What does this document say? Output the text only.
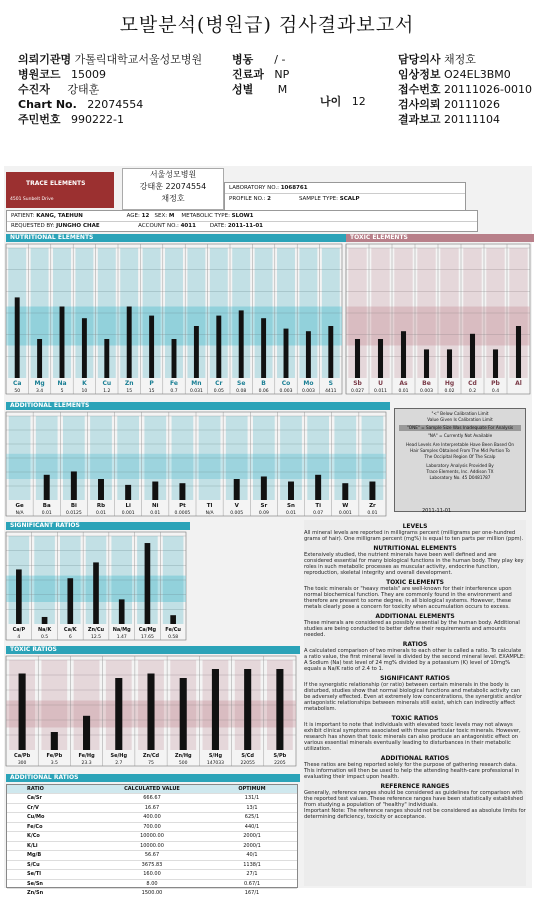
모발분석(병원급) 검사결과보고서
의뢰기관명 가톨릭대학교서울성모병원
병원코드 15009
수진자 강태훈
Chart No. 22074554
주민번호 990222-1
병동 / -
진료과 NP
성별 M
나이 12
담당의사 채정호
임상정보 O24EL3BM0
접수번호 20111026-0010
검사의뢰 20111026
결과보고 20111104
TRACE ELEMENTS
4501 Sunbelt Drive
서울성모병원
강태훈 22074554
채정호
LABORATORY NO.: 1068761
PROFILE NO.: 2	SAMPLE TYPE: SCALP
PATIENT: KANG, TAEHUN	AGE: 12 SEX: M METABOLIC TYPE: SLOW1
REQUESTED BY: JUNGHO CHAE	ACCOUNT NO.: 4011	DATE: 2011-11-01
NUTRITIONAL ELEMENTS	TOXIC ELEMENTS
ADDITIONAL ELEMENTS
SIGNIFICANT RATIOS
TOXIC RATIOS
ADDITIONAL RATIOS
Ca
50
Mg
3.4
Na
5
K
10
Cu
1.2
Zn
15
P
15
Fe
0.7
Mn
0.031
Cr
0.05
Se
0.08
B
0.06
Co
0.003
Mo
0.003
S
4411
Sb
0.027
U
0.011
As
0.01
Be
0.003
Hg
0.02
Cd
0.2
Pb
0.4
Al
Ge
N/A
Ba
0.01
Bi
0.0125
Rb
0.01
Li
0.001
Ni
0.01
Pt
0.0005
Tl
N/A
V
0.005
Sr
0.09
Sn
0.01
Ti
0.07
W
0.001
Zr
0.01
Ca/P
4
Na/K
0.5
Ca/K
6
Zn/Cu
12.5
Na/Mg
1.47
Ca/Mg
17.65
Fe/Cu
0.58
Ca/Pb
300
Fe/Pb
3.5
Fe/Hg
23.3
Se/Hg
2.7
Zn/Cd
75
Zn/Hg
500
S/Hg
147033
S/Cd
22055
S/Pb
2205
"<" Below Calibration Limit
Value Given Is Calibration Limit
"ONE" = Sample Size Was Inadequate For Analysis
"NA" = Currently Not Available
Head Levels Are Interpretable Have Been Based On
Hair Samples Obtained From The Mid Portion To
The Occipital Region Of The Scalp
Laboratory Analysis Provided By
Trace Elements, Inc. Addison TX
Laboratory No. 45 D0481787
2011-11-01
LEVELS
All mineral levels are reported in milligrams percent (milligrams per one-hundred grams of hair). One milligram percent (mg%) is equal to ten parts per million (ppm).
NUTRITIONAL ELEMENTS
Extensively studied, the nutrient minerals have been well defined and are considered essential for many biological functions in the human body. They play key roles in such metabolic processes as muscular activity, endocrine function, reproduction, skeletal integrity and overall development.
TOXIC ELEMENTS
The toxic minerals or "heavy metals" are well-known for their interference upon normal biochemical function. They are commonly found in the environment and therefore are present to some degree, in all biological systems. However, these metals clearly pose a concern for toxicity when accumulation occurs to excess.
ADDITIONAL ELEMENTS
These minerals are considered as possibly essential by the human body. Additional studies are being conducted to better define their requirements and amounts needed.
RATIOS
A calculated comparison of two minerals to each other is called a ratio. To calculate a ratio value, the first mineral level is divided by the second mineral level. EXAMPLE: A Sodium (Na) test level of 24 mg% divided by a potassium (K) level of 10mg% equals a Na/K ratio of 2.4 to 1.
SIGNIFICANT RATIOS
If the synergistic relationship (or ratio) between certain minerals in the body is disturbed, studies show that normal biological functions and metabolic activity can be adversely effected. Even at extremely low concentrations, the synergistic and/or antagonistic relationships between minerals still exist, which can indirectly affect metabolism.
TOXIC RATIOS
It is important to note that individuals with elevated toxic levels may not always exhibit clinical symptoms associated with those particular toxic minerals. However, research has shown that toxic minerals can also produce an antagonistic effect on various essential minerals eventually leading to disturbances in their metabolic utilization.
ADDITIONAL RATIOS
These ratios are being reported solely for the purpose of gathering research data. This information will then be used to help the attending health-care professional in evaluating their impact upon health.
REFERENCE RANGES
Generally, reference ranges should be considered as guidelines for comparison with the reported test values. These reference ranges have been statistically established from studying a population of "healthy" individuals.
Important Note: The reference ranges should not be considered as absolute limits for determining deficiency, toxicity or acceptance.
RATIO	CALCULATED VALUE	OPTIMUM
Ca/Sr	666.67	131/1
Cr/V	16.67	13/1
Cu/Mo	400.00	625/1
Fe/Co	700.00	440/1
K/Co	10000.00	2000/1
K/Li	10000.00	2000/1
Mg/B	56.67	40/1
S/Cu	3675.83	1138/1
Se/Tl	160.00	27/1
Se/Sn	8.00	0.67/1
Zn/Sn	1500.00	167/1
